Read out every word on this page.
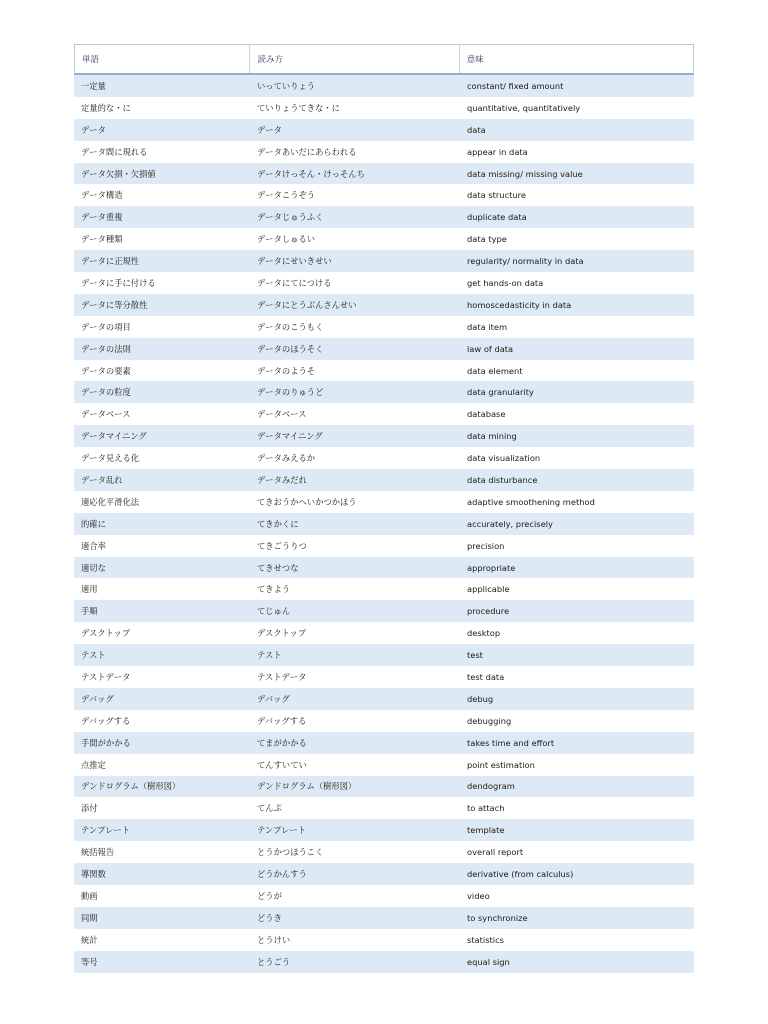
単語	読み方	意味
一定量	いっていりょう	constant/ fixed amount
定量的な・に	ていりょうてきな・に	quantitative, quantitatively
データ	データ	data
データ間に現れる	データあいだにあらわれる	appear in data
データ欠損・欠損値	データけっそん・けっそんち	data missing/ missing value
データ構造	データこうぞう	data structure
データ重複	データじゅうふく	duplicate data
データ種類	データしゅるい	data type
データに正規性	データにせいきせい	regularity/ normality in data
データに手に付ける	データにてにつける	get hands-on data
データに等分散性	データにとうぶんさんせい	homoscedasticity in data
データの項目	データのこうもく	data item
データの法則	データのほうそく	law of data
データの要素	データのようそ	data element
データの粒度	データのりゅうど	data granularity
データベース	データベース	database
データマイニング	データマイニング	data mining
データ見える化	データみえるか	data visualization
データ乱れ	データみだれ	data disturbance
適応化平滑化法	てきおうかへいかつかほう	adaptive smoothening method
的確に	てきかくに	accurately, precisely
適合率	てきごうりつ	precision
適切な	てきせつな	appropriate
適用	てきよう	applicable
手順	てじゅん	procedure
デスクトップ	デスクトップ	desktop
テスト	テスト	test
テストデータ	テストデータ	test data
デバッグ	デバッグ	debug
デバッグする	デバッグする	debugging
手間がかかる	てまがかかる	takes time and effort
点推定	てんすいてい	point estimation
デンドログラム（樹形図）	デンドログラム（樹形図）	dendogram
添付	てんぷ	to attach
テンプレート	テンプレート	template
統括報告	とうかつほうこく	overall report
導関数	どうかんすう	derivative (from calculus)
動画	どうが	video
同期	どうき	to synchronize
統計	とうけい	statistics
等号	とうごう	equal sign
